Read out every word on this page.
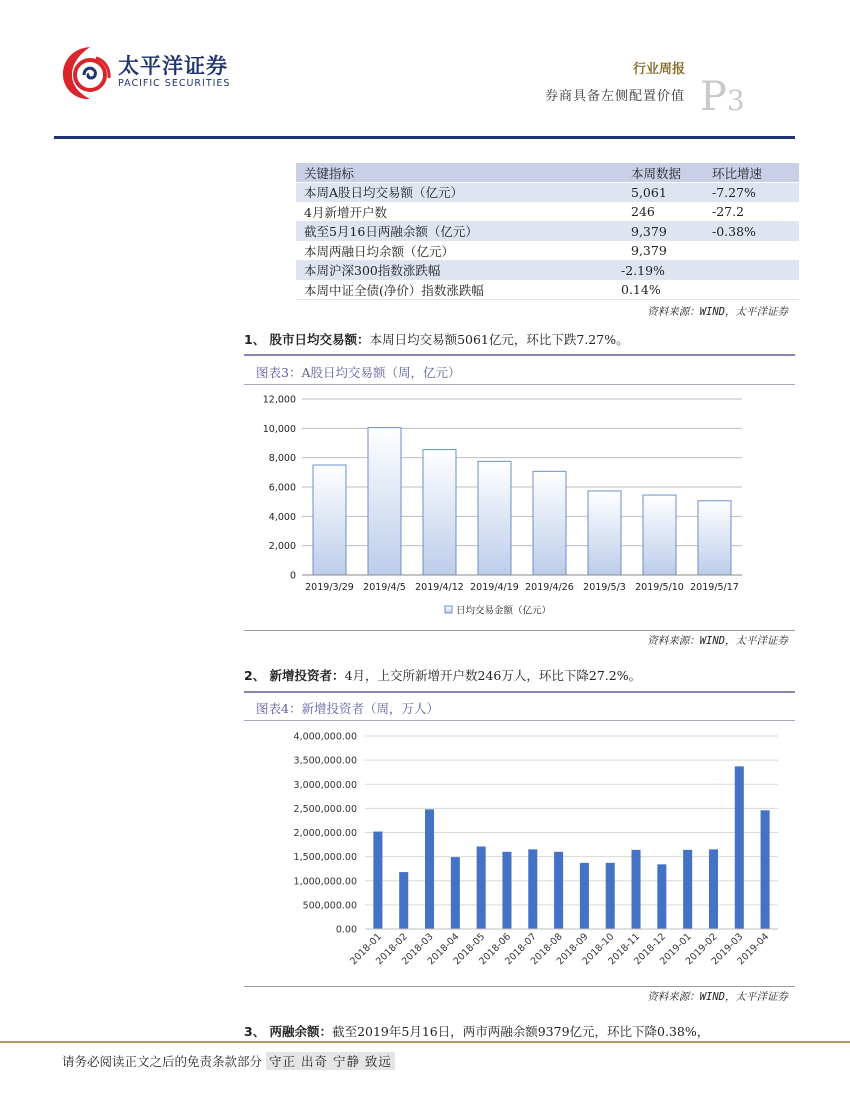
太平洋证券
PACIFIC SECURITIES
行业周报
券商具备左侧配置价值 P3
关键指标	本周数据	环比增速
本周A股日均交易额（亿元）	5,061	-7.27%
4月新增开户数	246	-27.2
截至5月16日两融余额（亿元）	9,379	-0.38%
本周两融日均余额（亿元）	9,379	
本周沪深300指数涨跌幅	-2.19%	
本周中证全债(净价）指数涨跌幅	0.14%	
资料来源：WIND，太平洋证券
1、 股市日均交易额：本周日均交易额5061亿元，环比下跌7.27%。
图表3：A股日均交易额（周，亿元）
0
2,000
4,000
6,000
8,000
10,000
12,000
2019/3/29 2019/4/5 2019/4/12 2019/4/19 2019/4/26 2019/5/3 2019/5/10 2019/5/17
日均交易金额（亿元）
资料来源：WIND，太平洋证券
2、 新增投资者：4月，上交所新增开户数246万人，环比下降27.2%。
图表4：新增投资者（周，万人）
0.00
500,000.00
1,000,000.00
1,500,000.00
2,000,000.00
2,500,000.00
3,000,000.00
3,500,000.00
4,000,000.00
2018-01
2018-02
2018-03
2018-04
2018-05
2018-06
2018-07
2018-08
2018-09
2018-10
2018-11
2018-12
2019-01
2019-02
2019-03
2019-04
资料来源：WIND，太平洋证券
3、 两融余额：截至2019年5月16日，两市两融余额9379亿元，环比下降0.38%，
请务必阅读正文之后的免责条款部分 守正 出奇 宁静 致远
